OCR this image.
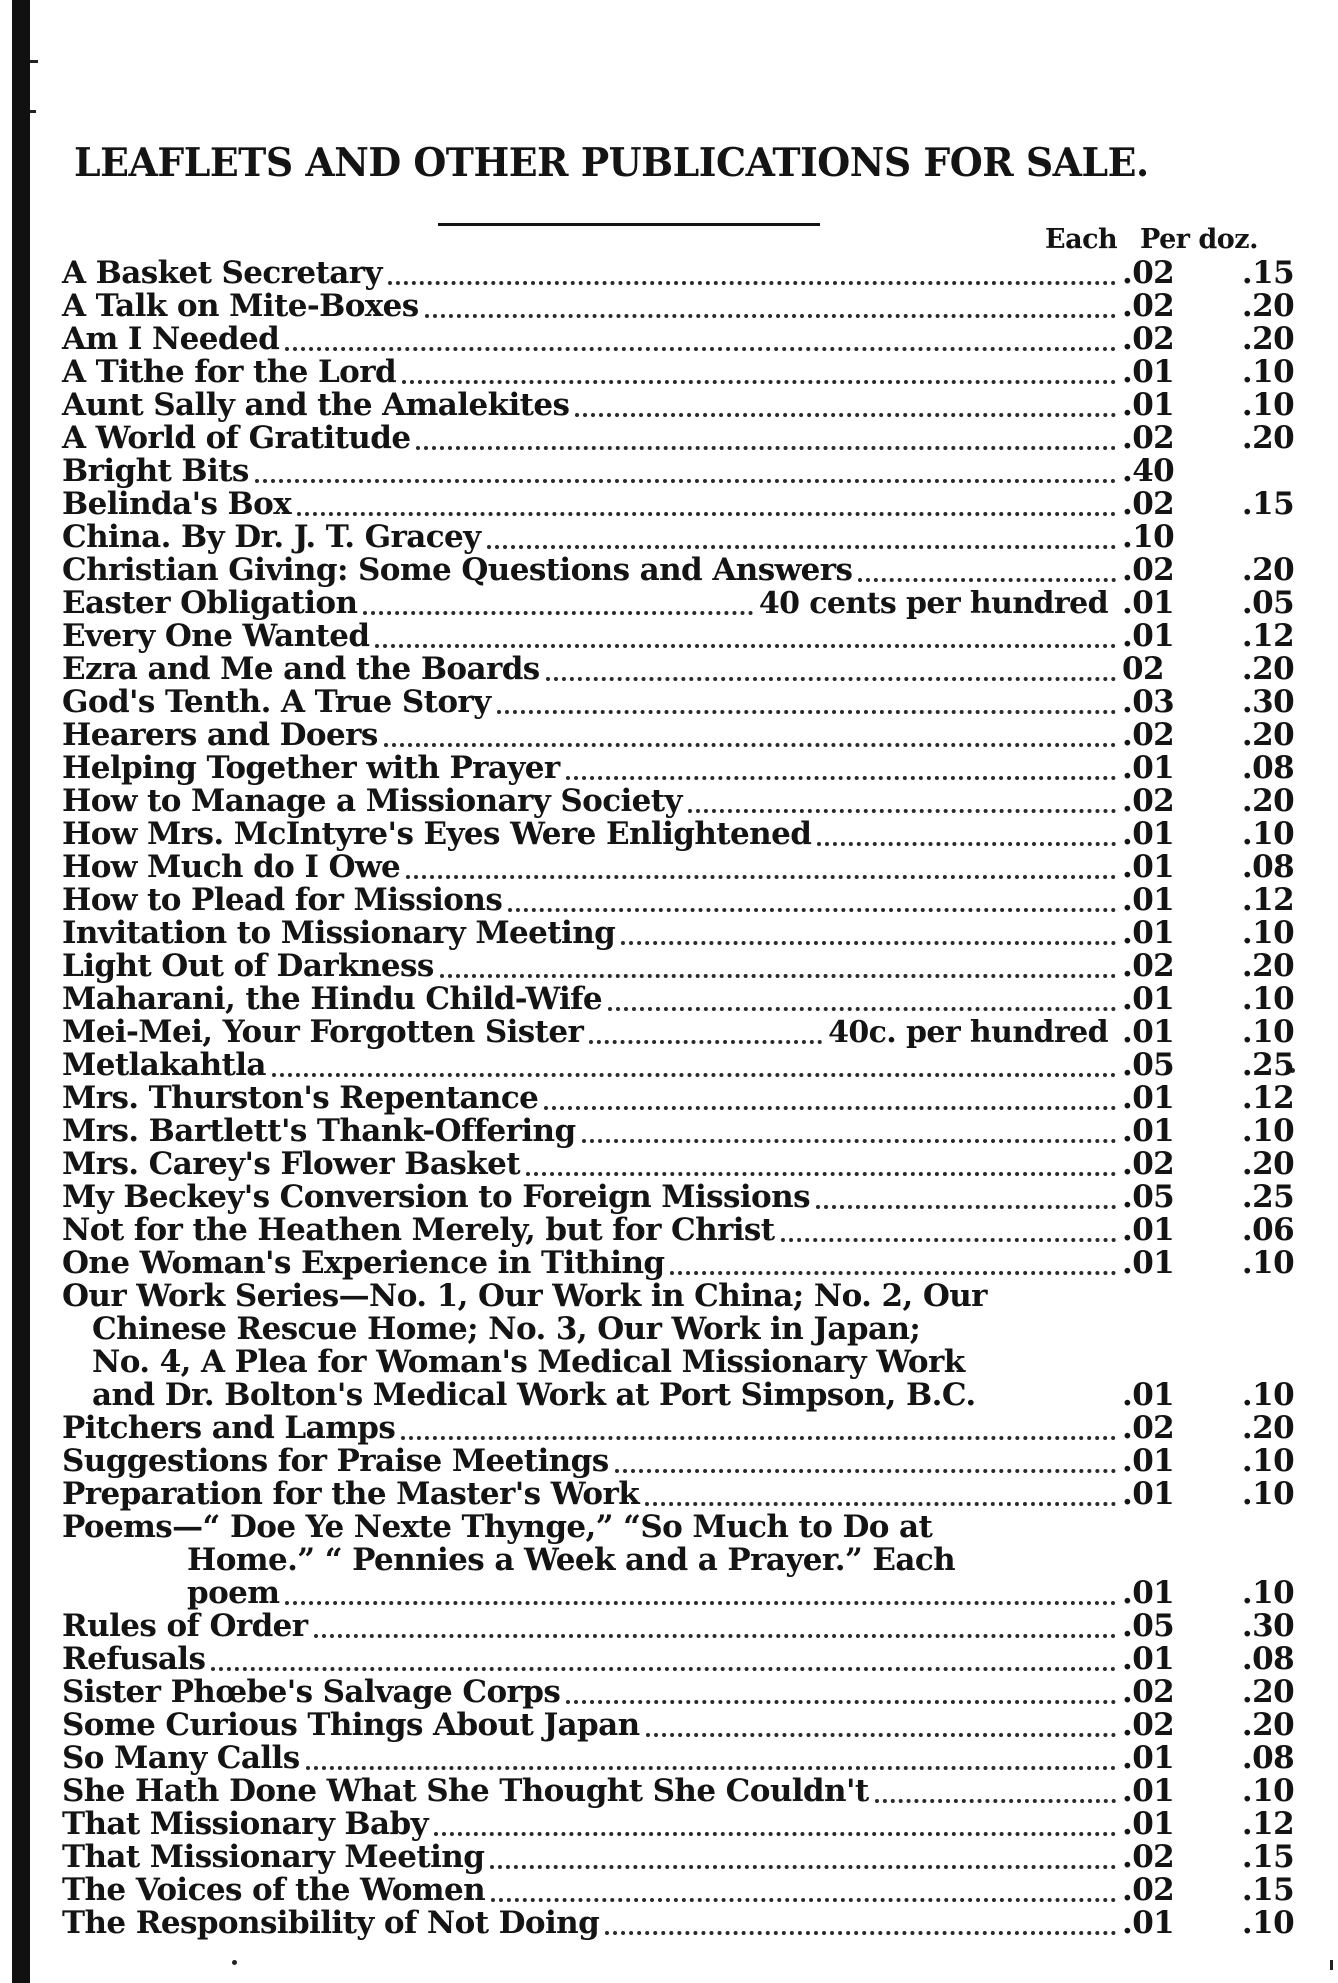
LEAFLETS AND OTHER PUBLICATIONS FOR SALE.
Each Per doz.
A Basket Secretary	.02	.15
A Talk on Mite-Boxes	.02	.20
Am I Needed	.02	.20
A Tithe for the Lord	.01	.10
Aunt Sally and the Amalekites	.01	.10
A World of Gratitude	.02	.20
Bright Bits	.40
Belinda's Box	.02	.15
China. By Dr. J. T. Gracey	.10
Christian Giving: Some Questions and Answers	.02	.20
Easter Obligation	40 cents per hundred .01	.05
Every One Wanted	.01	.12
Ezra and Me and the Boards	02	.20
God's Tenth. A True Story	.03	.30
Hearers and Doers	.02	.20
Helping Together with Prayer	.01	.08
How to Manage a Missionary Society	.02	.20
How Mrs. McIntyre's Eyes Were Enlightened	.01	.10
How Much do I Owe	.01	.08
How to Plead for Missions	.01	.12
Invitation to Missionary Meeting	.01	.10
Light Out of Darkness	.02	.20
Maharani, the Hindu Child-Wife	.01	.10
Mei-Mei, Your Forgotten Sister	40c. per hundred .01	.10
Metlakahtla	.05	.25
Mrs. Thurston's Repentance	.01	.12
Mrs. Bartlett's Thank-Offering	.01	.10
Mrs. Carey's Flower Basket	.02	.20
My Beckey's Conversion to Foreign Missions	.05	.25
Not for the Heathen Merely, but for Christ	.01	.06
One Woman's Experience in Tithing	.01	.10
Our Work Series—No. 1, Our Work in China; No. 2, Our
Chinese Rescue Home; No. 3, Our Work in Japan;
No. 4, A Plea for Woman's Medical Missionary Work
and Dr. Bolton's Medical Work at Port Simpson, B.C.	.01	.10
Pitchers and Lamps	.02	.20
Suggestions for Praise Meetings	.01	.10
Preparation for the Master's Work	.01	.10
Poems—“ Doe Ye Nexte Thynge,” “So Much to Do at
Home.” “ Pennies a Week and a Prayer.” Each
poem	.01	.10
Rules of Order	.05	.30
Refusals	.01	.08
Sister Phœbe's Salvage Corps	.02	.20
Some Curious Things About Japan	.02	.20
So Many Calls	.01	.08
She Hath Done What She Thought She Couldn't	.01	.10
That Missionary Baby	.01	.12
That Missionary Meeting	.02	.15
The Voices of the Women	.02	.15
The Responsibility of Not Doing	.01	.10
